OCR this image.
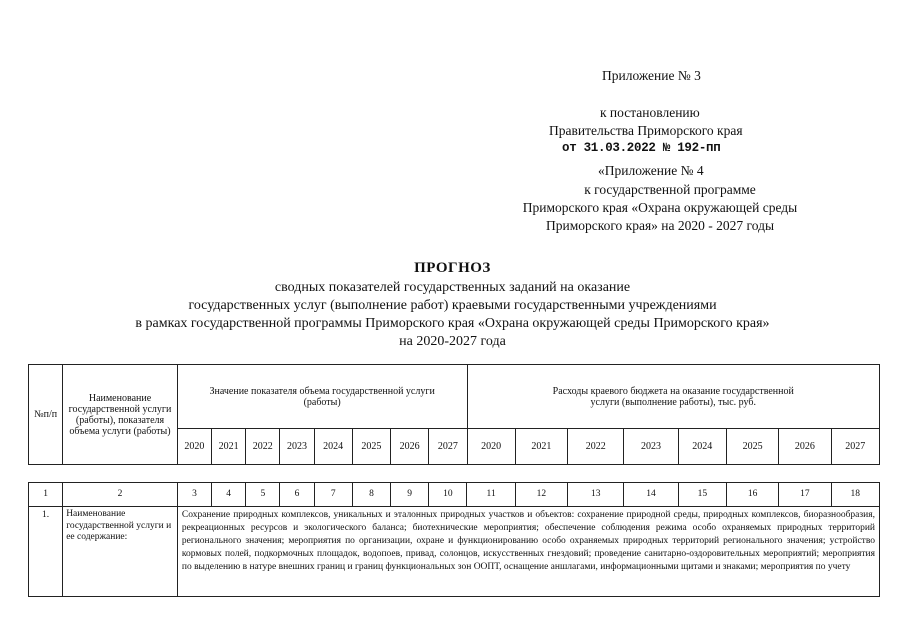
Приложение № 3
к постановлению
Правительства Приморского края
от 31.03.2022 № 192-пп
«Приложение № 4
к государственной программе
Приморского края «Охрана окружающей среды
Приморского края» на 2020 - 2027 годы
ПРОГНОЗ
сводных показателей государственных заданий на оказание
государственных услуг (выполнение работ) краевыми государственными учреждениями
в рамках государственной программы Приморского края «Охрана окружающей среды Приморского края»
на 2020-2027 года
№п/п	Наименование государственной услуги (работы), показателя объема услуги (работы)	Значение показателя объема государственной услуги (работы)								Расходы краевого бюджета на оказание государственной услуги (выполнение работы), тыс. руб.							
		2020	2021	2022	2023	2024	2025	2026	2027	2020	2021	2022	2023	2024	2025	2026	2027
1	2	3	4	5	6	7	8	9	10	11	12	13	14	15	16	17	18
1.	Наименование государственной услуги и ее содержание:	Сохранение природных комплексов, уникальных и эталонных природных участков и объектов: сохранение природной среды, природных комплексов, биоразнообразия, рекреационных ресурсов и экологического баланса; биотехнические мероприятия; обеспечение соблюдения режима особо охраняемых природных территорий регионального значения; мероприятия по организации, охране и функционированию особо охраняемых природных территорий регионального значения; устройство кормовых полей, подкормочных площадок, водопоев, привад, солонцов, искусственных гнездовий; проведение санитарно-оздоровительных мероприятий; мероприятия по выделению в натуре внешних границ и границ функциональных зон ООПТ, оснащение аншлагами, информационными щитами и знаками; мероприятия по учету															
